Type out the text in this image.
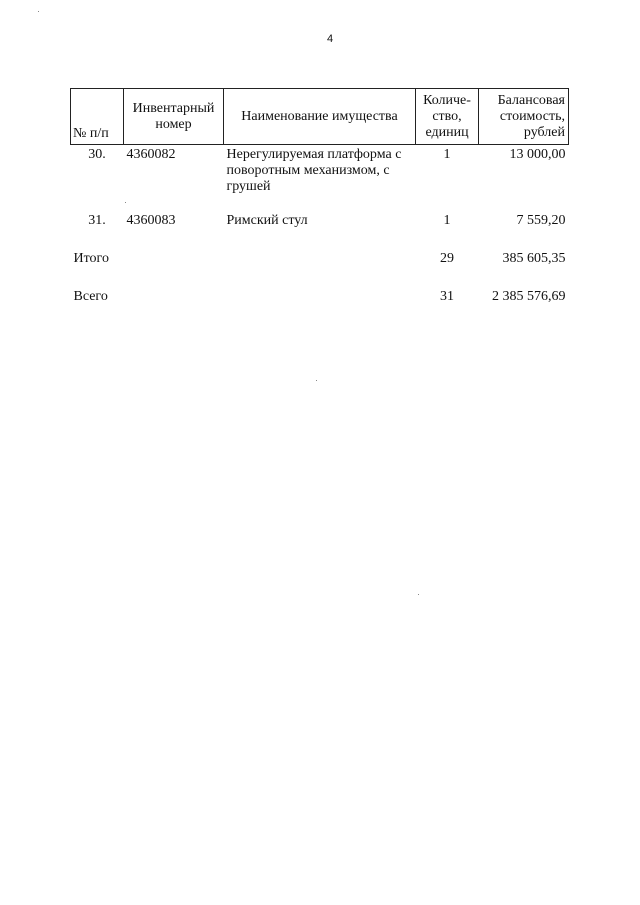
4
№ п/п	Инвентарный номер	Наименование имущества	Количе-ство, единиц	Балансовая стоимость, рублей
30.	4360082	Нерегулируемая платформа с поворотным механизмом, с грушей	1	13 000,00
31.	4360083	Римский стул	1	7 559,20
Итого			29	385 605,35
Всего			31	2 385 576,69
